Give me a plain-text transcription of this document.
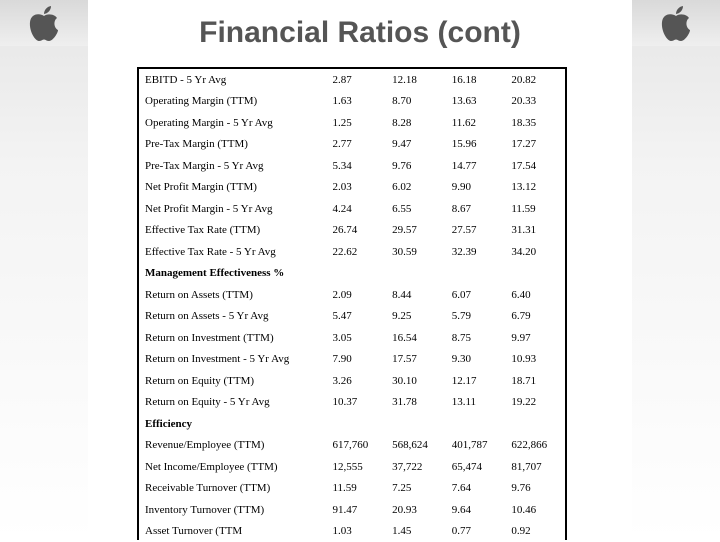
Financial Ratios (cont)
EBITD - 5 Yr Avg	2.87	12.18	16.18	20.82
Operating Margin (TTM)	1.63	8.70	13.63	20.33
Operating Margin - 5 Yr Avg	1.25	8.28	11.62	18.35
Pre-Tax Margin (TTM)	2.77	9.47	15.96	17.27
Pre-Tax Margin - 5 Yr Avg	5.34	9.76	14.77	17.54
Net Profit Margin (TTM)	2.03	6.02	9.90	13.12
Net Profit Margin - 5 Yr Avg	4.24	6.55	8.67	11.59
Effective Tax Rate (TTM)	26.74	29.57	27.57	31.31
Effective Tax Rate - 5 Yr Avg	22.62	30.59	32.39	34.20
Management Effectiveness %				
Return on Assets (TTM)	2.09	8.44	6.07	6.40
Return on Assets - 5 Yr Avg	5.47	9.25	5.79	6.79
Return on Investment (TTM)	3.05	16.54	8.75	9.97
Return on Investment - 5 Yr Avg	7.90	17.57	9.30	10.93
Return on Equity (TTM)	3.26	30.10	12.17	18.71
Return on Equity - 5 Yr Avg	10.37	31.78	13.11	19.22
Efficiency				
Revenue/Employee (TTM)	617,760	568,624	401,787	622,866
Net Income/Employee (TTM)	12,555	37,722	65,474	81,707
Receivable Turnover (TTM)	11.59	7.25	7.64	9.76
Inventory Turnover (TTM)	91.47	20.93	9.64	10.46
Asset Turnover (TTM	1.03	1.45	0.77	0.92
